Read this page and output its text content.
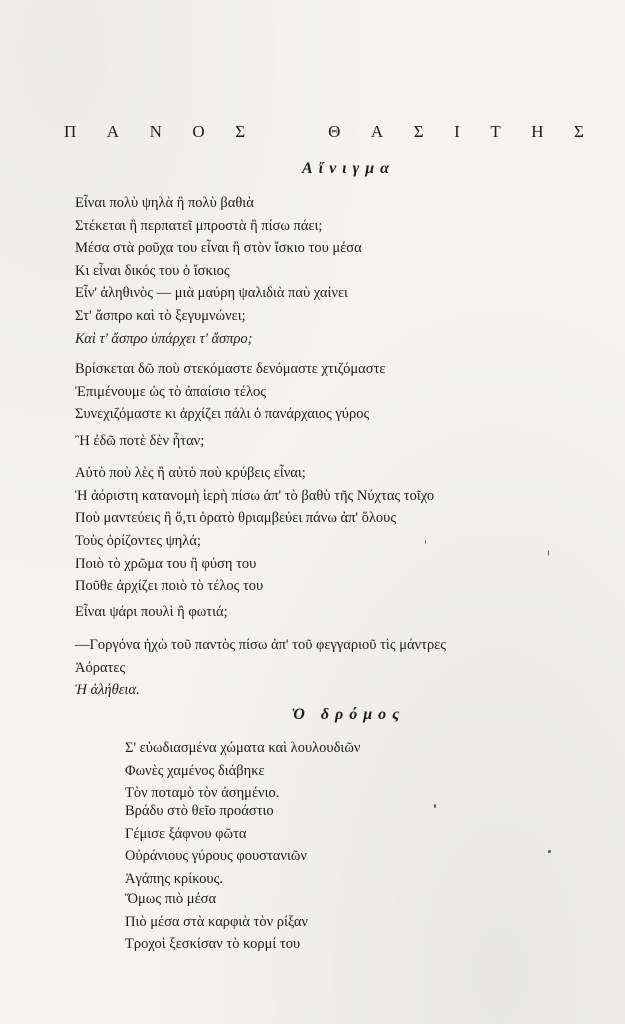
Π Α Ν Ο Σ	Θ Α Σ Ι Τ Η Σ
Αἴνιγμα
Εἶναι πολὺ ψηλὰ ἢ πολὺ βαθιὰ
Στέκεται ἢ περπατεῖ μπροστὰ ἢ πίσω πάει;
Μέσα στὰ ροῦχα του εἶναι ἢ στὸν ἴσκιο του μέσα
Κι εἶναι δικός του ὁ ἴσκιος
Εἶν' ἀληθινὸς — μιὰ μαύρη ψαλιδιὰ παὺ χαίνει
Στ' ἄσπρο καὶ τὸ ξεγυμνώνει;
Καὶ τ' ἄσπρο ὑπάρχει τ' ἄσπρο;
Βρίσκεται δῶ ποὺ στεκόμαστε δενόμαστε χτιζόμαστε
Ἐπιμένουμε ὡς τὸ ἀπαίσιο τέλος
Συνεχιζόμαστε κι ἀρχίζει πάλι ὁ πανάρχαιος γύρος
Ἢ ἐδῶ ποτὲ δὲν ἦταν;
Αὐτὸ ποὺ λὲς ἢ αὐτὸ ποὺ κρύβεις εἶναι;
Ἡ ἀόριστη κατανομὴ ἱερὴ πίσω ἀπ' τὸ βαθὺ τῆς Νύχτας τοῖχο
Ποὺ μαντεύεις ἢ ὅ,τι ὁρατὸ θριαμβεύει πάνω ἀπ' ὅλους
Τοὺς ὁρίζοντες ψηλά;
Ποιὸ τὸ χρῶμα του ἢ φύση του
Ποῦθε ἀρχίζει ποιὸ τὸ τέλος του
Εἶναι ψάρι πουλὶ ἢ φωτιά;
—Γοργόνα ἠχὼ τοῦ παντὸς πίσω ἀπ' τοῦ φεγγαριοῦ τὶς μάντρες
Ἀόρατες
Ἡ ἀλήθεια.
Ὁ δρόμος
Σ' εὐωδιασμένα χώματα καὶ λουλουδιῶν
Φωνὲς χαμένος διάβηκε
Τὸν ποταμὸ τὸν ἀσημένιο.
Βράδυ στὸ θεῖο προάστιο
Γέμισε ξάφνου φῶτα
Οὐράνιους γύρους φουστανιῶν
Ἀγάπης κρίκους.
Ὅμως πιὸ μέσα
Πιὸ μέσα στὰ καρφιὰ τὸν ρίξαν
Τροχοὶ ξεσκίσαν τὸ κορμί του
